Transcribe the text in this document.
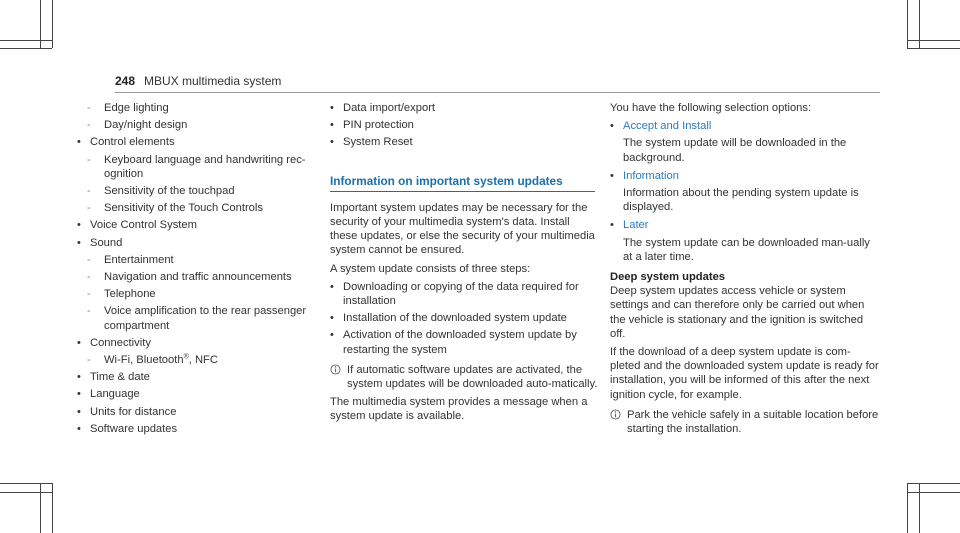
248 MBUX multimedia system
- Edge lighting
- Day/night design
• Control elements
- Keyboard language and handwriting rec-ognition
- Sensitivity of the touchpad
- Sensitivity of the Touch Controls
• Voice Control System
• Sound
- Entertainment
- Navigation and traffic announcements
- Telephone
- Voice amplification to the rear passenger compartment
• Connectivity
- Wi-Fi, Bluetooth®, NFC
• Time & date
• Language
• Units for distance
• Software updates
• Data import/export
• PIN protection
• System Reset
Information on important system updates
Important system updates may be necessary for the security of your multimedia system's data. Install these updates, or else the security of your multimedia system cannot be ensured.
A system update consists of three steps:
• Downloading or copying of the data required for installation
• Installation of the downloaded system update
• Activation of the downloaded system update by restarting the system
If automatic software updates are activated, the system updates will be downloaded auto-matically.
The multimedia system provides a message when a system update is available.
You have the following selection options:
• Accept and Install
The system update will be downloaded in the background.
• Information
Information about the pending system update is displayed.
• Later
The system update can be downloaded man-ually at a later time.
Deep system updates
Deep system updates access vehicle or system settings and can therefore only be carried out when the vehicle is stationary and the ignition is switched off.
If the download of a deep system update is com-pleted and the downloaded system update is ready for installation, you will be informed of this after the next ignition cycle, for example.
Park the vehicle safely in a suitable location before starting the installation.
